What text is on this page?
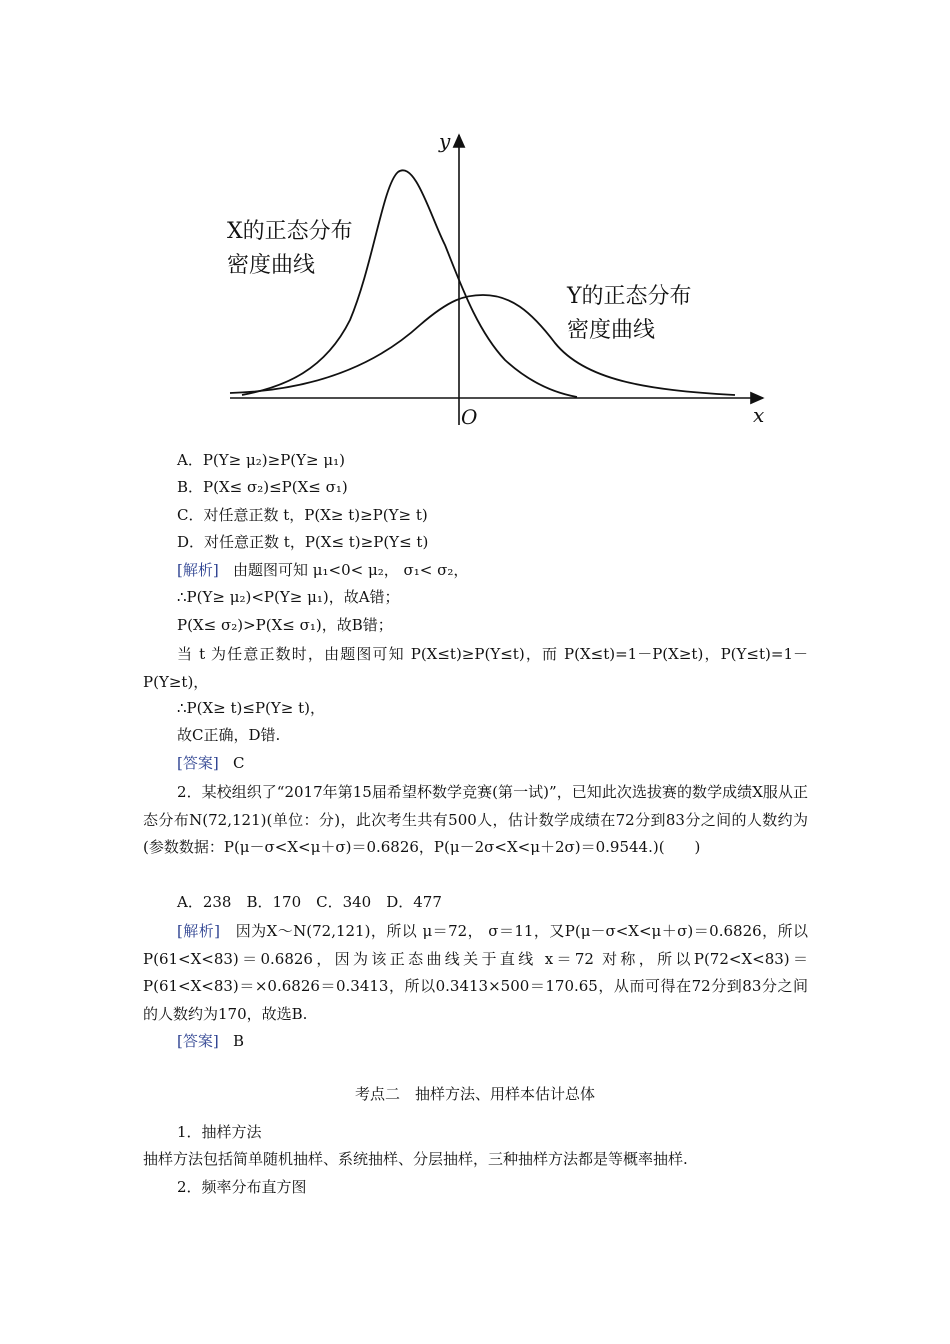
y
x
O
X的正态分布
密度曲线
Y的正态分布
密度曲线
A．P(Y≥ μ₂)≥P(Y≥ μ₁)
B．P(X≤ σ₂)≤P(X≤ σ₁)
C．对任意正数 t，P(X≥ t)≥P(Y≥ t)
D．对任意正数 t，P(X≤ t)≥P(Y≤ t)
[解析] 由题图可知 μ₁<0< μ₂， σ₁< σ₂，
∴P(Y≥ μ₂)<P(Y≥ μ₁)，故A错；
P(X≤ σ₂)>P(X≤ σ₁)，故B错；
当 t 为任意正数时，由题图可知 P(X≤t)≥P(Y≤t)，而 P(X≤t)=1－P(X≥t)，P(Y≤t)=1－P(Y≥t)，
∴P(X≥ t)≤P(Y≥ t)，
故C正确，D错.
[答案] C
2．某校组织了“2017年第15届希望杯数学竞赛(第一试)”，已知此次选拔赛的数学成绩X服从正态分布N(72,121)(单位：分)，此次考生共有500人，估计数学成绩在72分到83分之间的人数约为(参数数据：P(μ－σ<X<μ＋σ)＝0.6826，P(μ－2σ<X<μ＋2σ)＝0.9544.)(　　)
A．238　B．170　C．340　D．477
[解析] 因为X～N(72,121)，所以 μ＝72， σ＝11，又P(μ－σ<X<μ＋σ)＝0.6826，所以P(61<X<83)＝0.6826，因为该正态曲线关于直线 x＝72 对称，所以P(72<X<83)＝P(61<X<83)＝×0.6826＝0.3413，所以0.3413×500＝170.65，从而可得在72分到83分之间的人数约为170，故选B.
[答案] B
考点二　抽样方法、用样本估计总体
1．抽样方法
抽样方法包括简单随机抽样、系统抽样、分层抽样，三种抽样方法都是等概率抽样.
2．频率分布直方图
